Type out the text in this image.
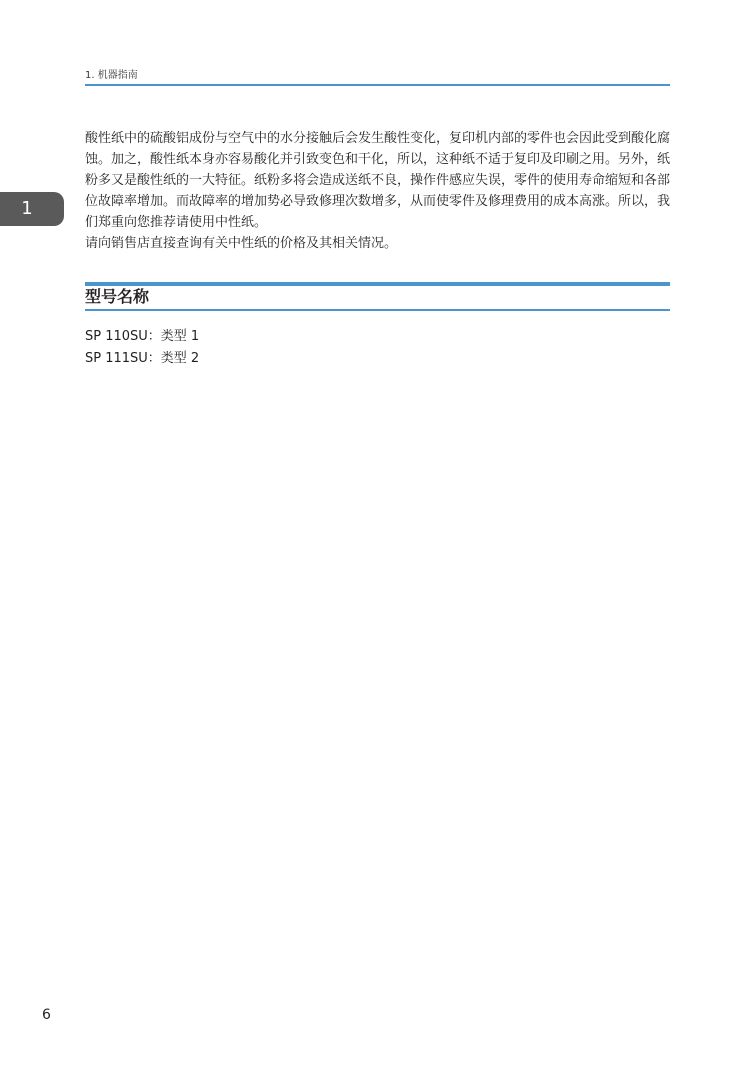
1. 机器指南
1

酸性纸中的硫酸铝成份与空气中的水分接触后会发生酸性变化，复印机内部的零件也会因此受到酸化腐蚀。加之，酸性纸本身亦容易酸化并引致变色和干化，所以，这种纸不适于复印及印刷之用。另外，纸粉多又是酸性纸的一大特征。纸粉多将会造成送纸不良，操作件感应失误，零件的使用寿命缩短和各部位故障率增加。而故障率的增加势必导致修理次数增多，从而使零件及修理费用的成本高涨。所以，我们郑重向您推荐请使用中性纸。

请向销售店直接查询有关中性纸的价格及其相关情况。

型号名称
SP 110SU：类型 1
SP 111SU：类型 2
6
